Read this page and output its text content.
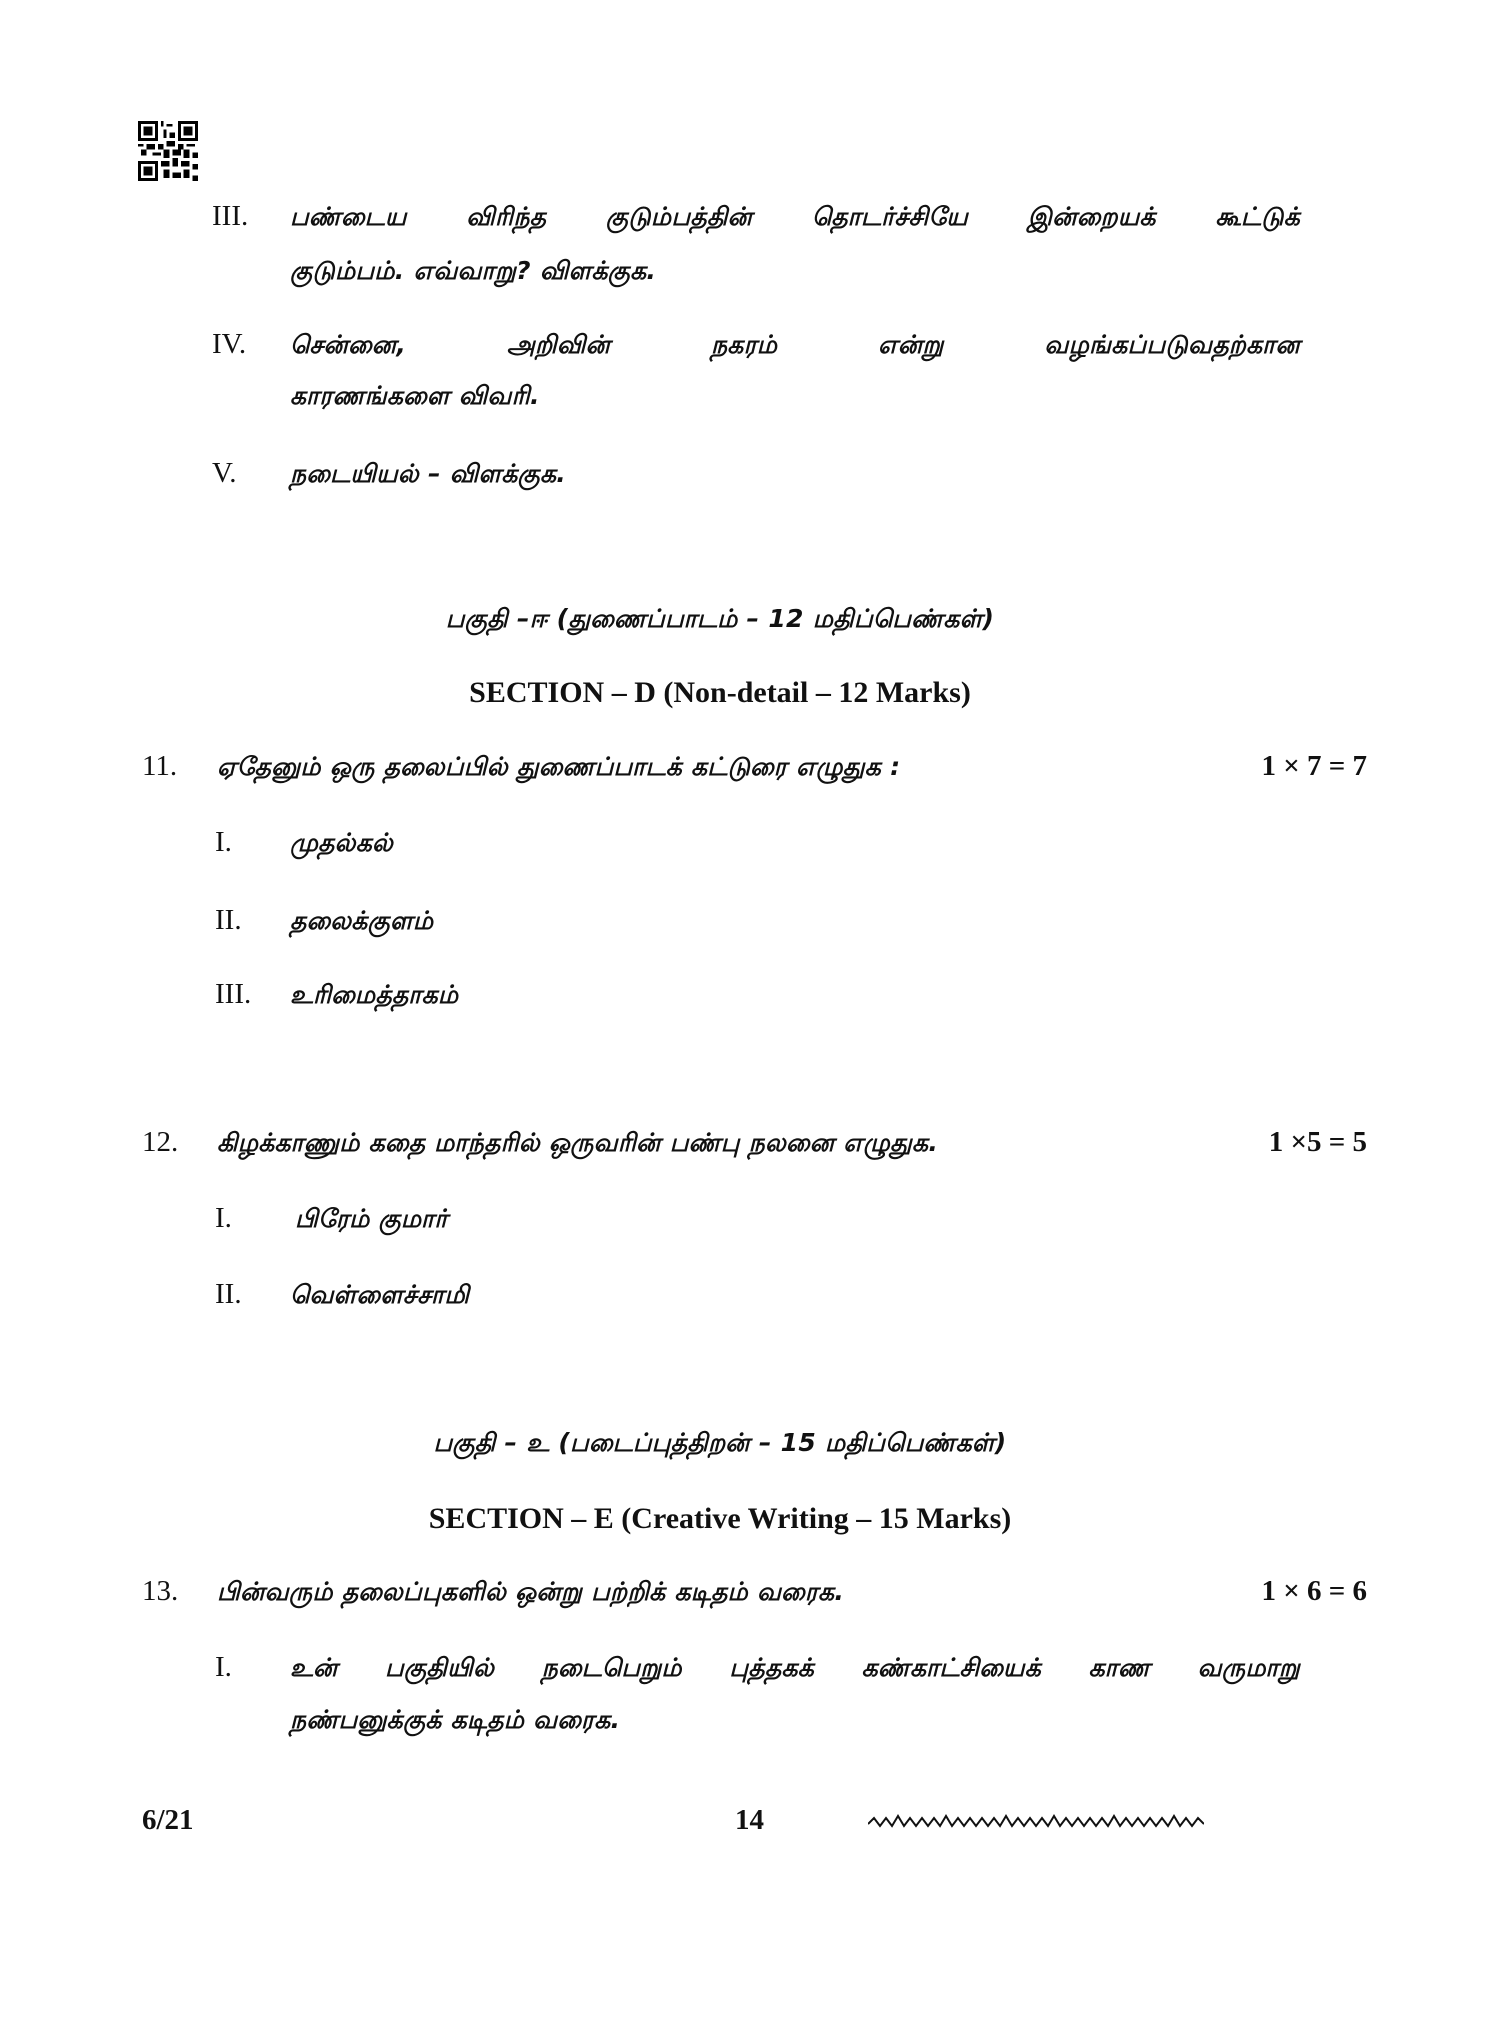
III. பண்டைய விரிந்த குடும்பத்தின் தொடர்ச்சியே இன்றையக் கூட்டுக்
குடும்பம். எவ்வாறு? விளக்குக.
IV. சென்னை, அறிவின் நகரம் என்று வழங்கப்படுவதற்கான
காரணங்களை விவரி.
V. நடையியல் – விளக்குக.
பகுதி –ஈ (துணைப்பாடம் – 12 மதிப்பெண்கள்)
SECTION – D (Non-detail – 12 Marks)
11. ஏதேனும் ஒரு தலைப்பில் துணைப்பாடக் கட்டுரை எழுதுக :	1 × 7 = 7
I. முதல்கல்
II. தலைக்குளம்
III. உரிமைத்தாகம்
12. கிழக்காணும் கதை மாந்தரில் ஒருவரின் பண்பு நலனை எழுதுக.	1 ×5 = 5
I.	பிரேம் குமார்
II. வெள்ளைச்சாமி
பகுதி – உ (படைப்புத்திறன் – 15 மதிப்பெண்கள்)
SECTION – E (Creative Writing – 15 Marks)
13. பின்வரும் தலைப்புகளில் ஒன்று பற்றிக் கடிதம் வரைக.	1 × 6 = 6
I. உன் பகுதியில் நடைபெறும் புத்தகக் கண்காட்சியைக் காண வருமாறு
நண்பனுக்குக் கடிதம் வரைக.
6/21	14
